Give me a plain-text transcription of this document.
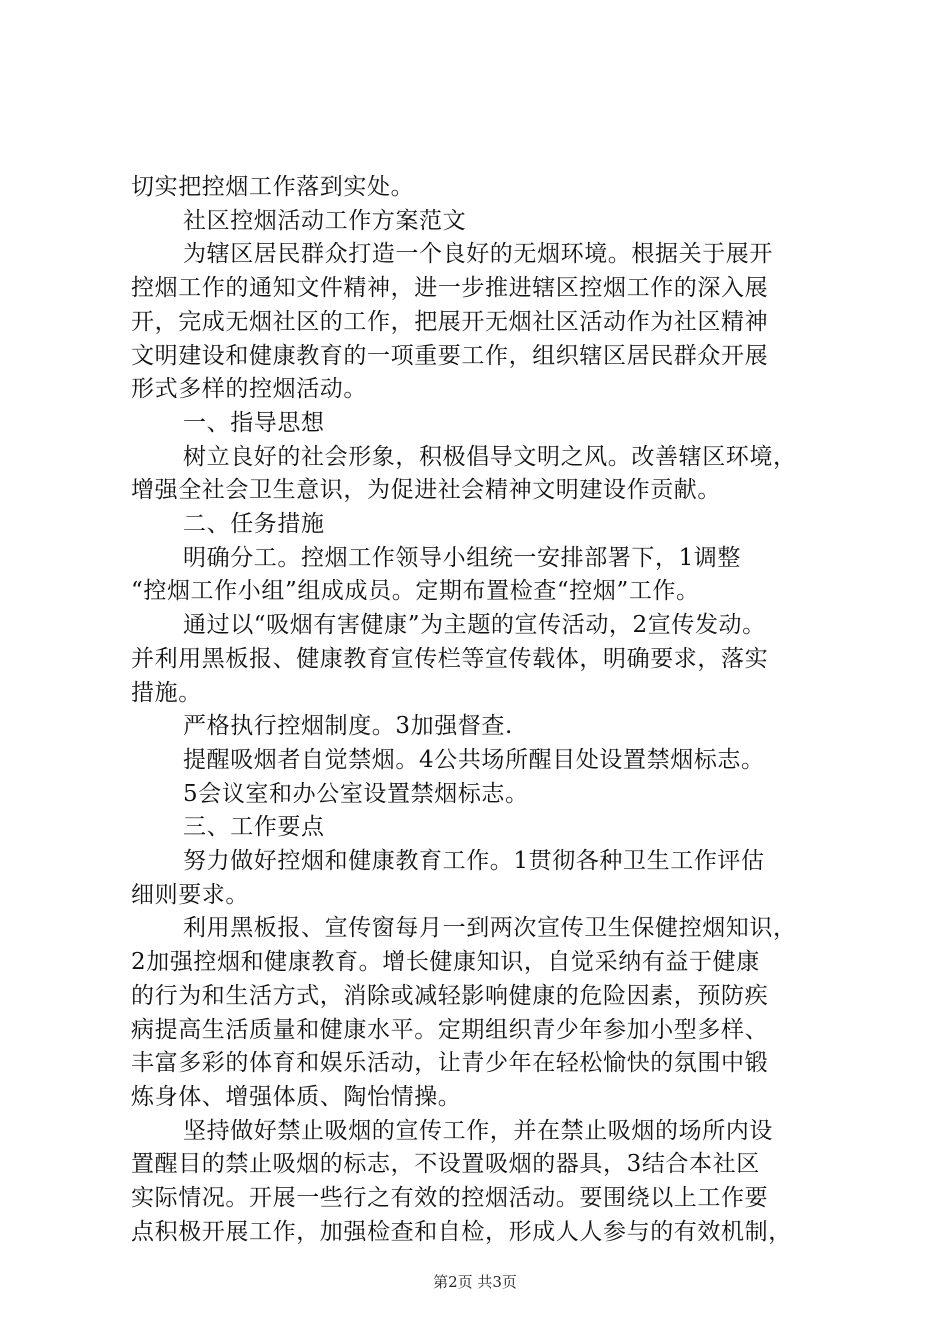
切实把控烟工作落到实处。
社区控烟活动工作方案范文
为辖区居民群众打造一个良好的无烟环境。根据关于展开
控烟工作的通知文件精神，进一步推进辖区控烟工作的深入展
开，完成无烟社区的工作，把展开无烟社区活动作为社区精神
文明建设和健康教育的一项重要工作，组织辖区居民群众开展
形式多样的控烟活动。
一、指导思想
树立良好的社会形象，积极倡导文明之风。改善辖区环境，
增强全社会卫生意识，为促进社会精神文明建设作贡献。
二、任务措施
明确分工。控烟工作领导小组统一安排部署下，1调整
“控烟工作小组”组成成员。定期布置检查“控烟”工作。
通过以“吸烟有害健康”为主题的宣传活动，2宣传发动。
并利用黑板报、健康教育宣传栏等宣传载体，明确要求，落实
措施。
严格执行控烟制度。3加强督查.
提醒吸烟者自觉禁烟。4公共场所醒目处设置禁烟标志。
5会议室和办公室设置禁烟标志。
三、工作要点
努力做好控烟和健康教育工作。1贯彻各种卫生工作评估
细则要求。
利用黑板报、宣传窗每月一到两次宣传卫生保健控烟知识，
2加强控烟和健康教育。增长健康知识，自觉采纳有益于健康
的行为和生活方式，消除或减轻影响健康的危险因素，预防疾
病提高生活质量和健康水平。定期组织青少年参加小型多样、
丰富多彩的体育和娱乐活动，让青少年在轻松愉快的氛围中锻
炼身体、增强体质、陶怡情操。
坚持做好禁止吸烟的宣传工作，并在禁止吸烟的场所内设
置醒目的禁止吸烟的标志，不设置吸烟的器具，3结合本社区
实际情况。开展一些行之有效的控烟活动。要围绕以上工作要
点积极开展工作，加强检查和自检，形成人人参与的有效机制，
第2页 共3页
